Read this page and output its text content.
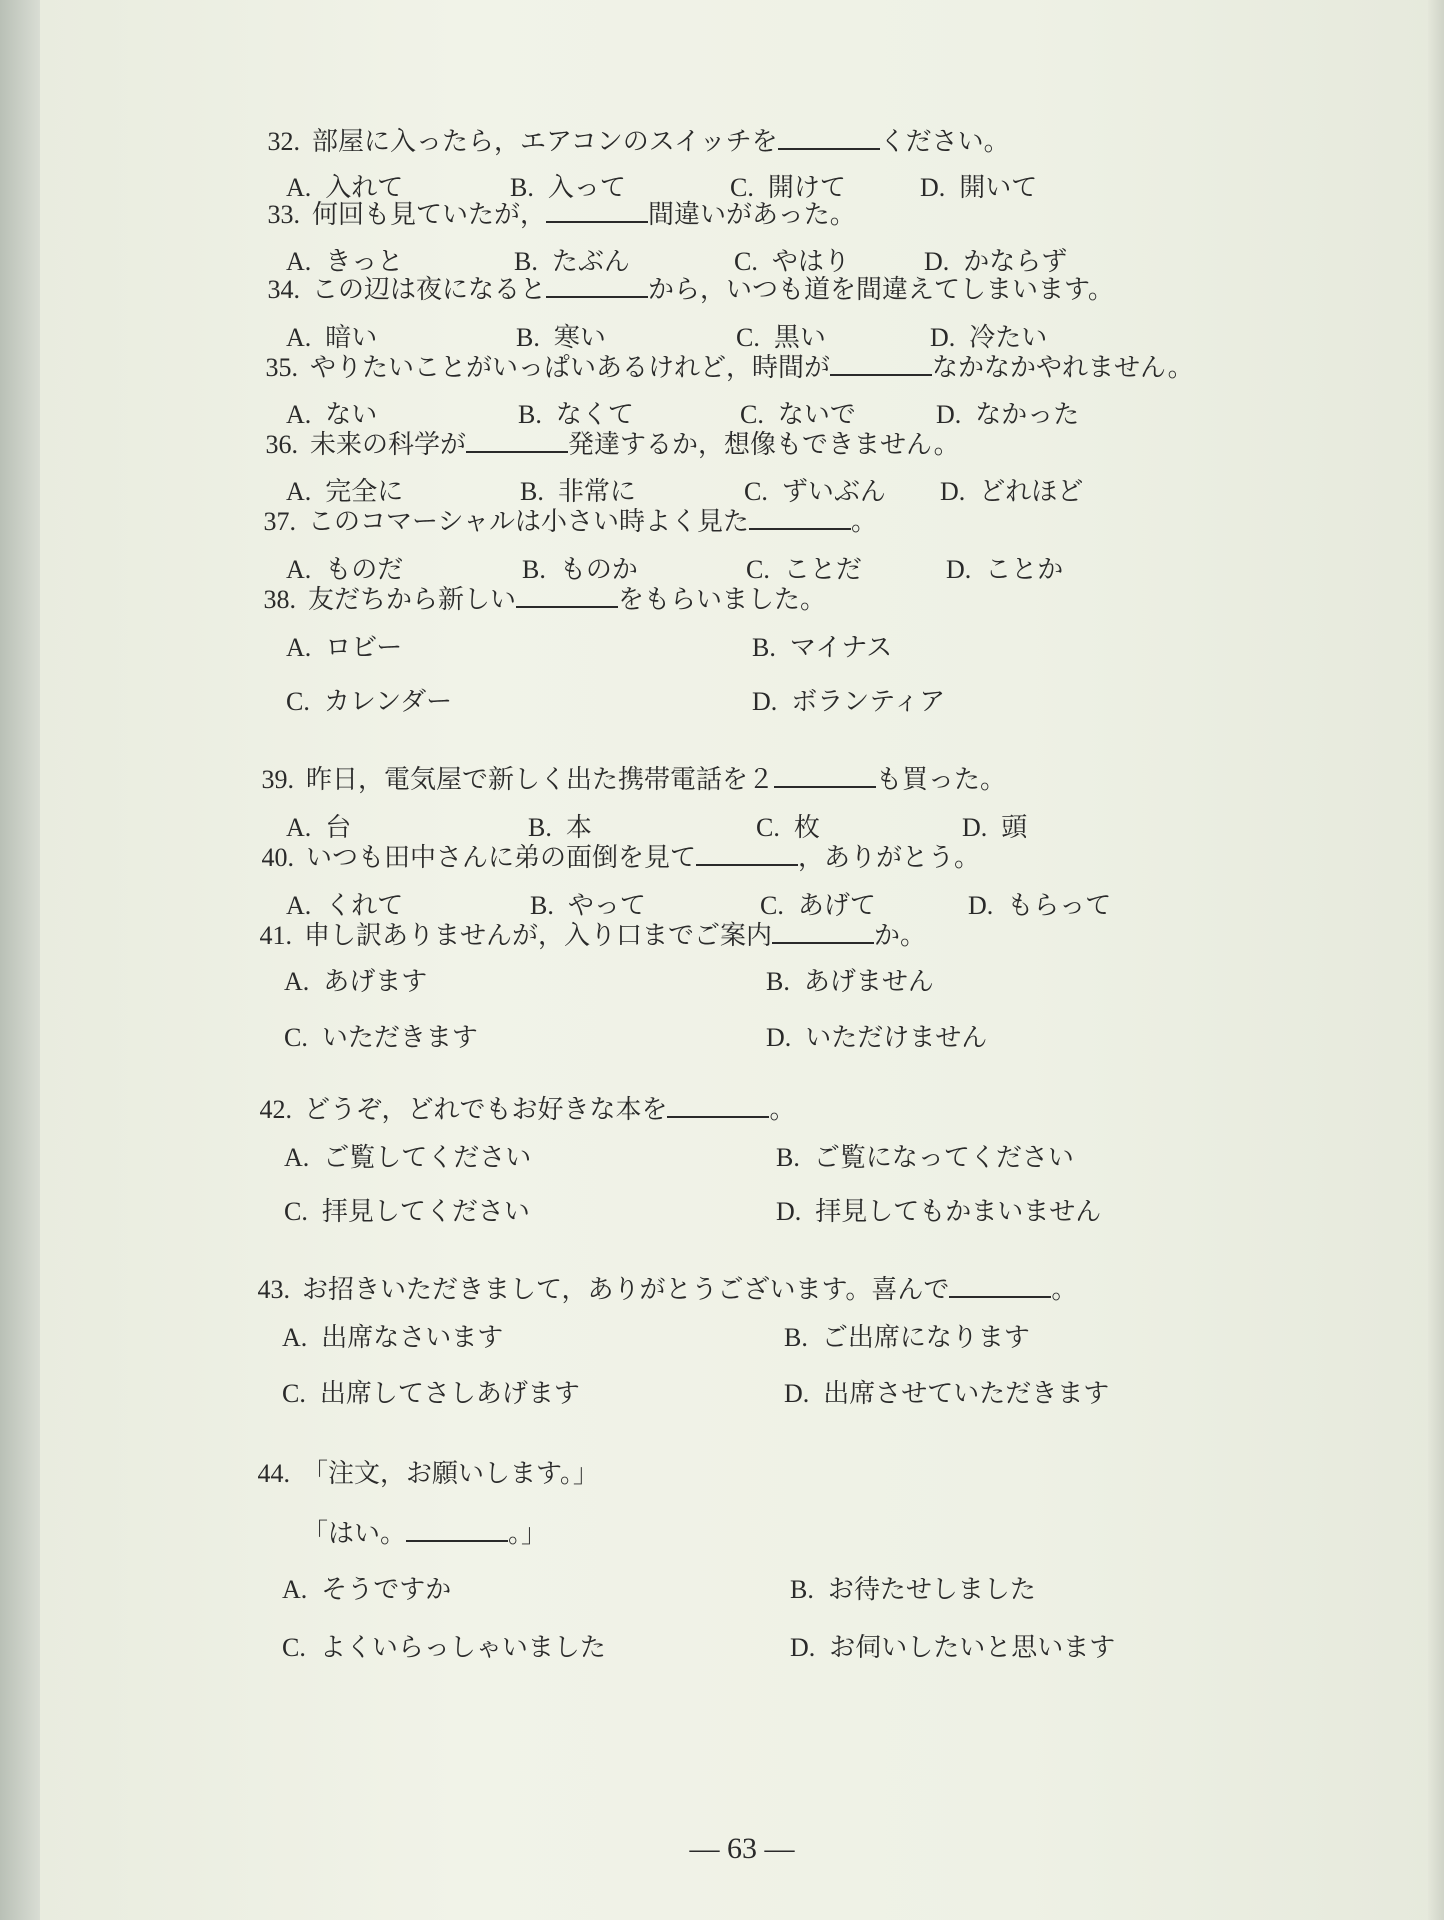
32. 部屋に入ったら，エアコンのスイッチを	ください。
A. 入れて	B. 入って	C. 開けて	D. 開いて
33. 何回も見ていたが，	間違いがあった。
A. きっと	B. たぶん	C. やはり	D. かならず
34. この辺は夜になると	から，いつも道を間違えてしまいます。
A. 暗い	B. 寒い	C. 黒い	D. 冷たい
35. やりたいことがいっぱいあるけれど，時間が	なかなかやれません。
A. ない	B. なくて	C. ないで	D. なかった
36. 未来の科学が	発達するか，想像もできません。
A. 完全に	B. 非常に	C. ずいぶん D. どれほど
37. このコマーシャルは小さい時よく見た	。
A. ものだ	B. ものか	C. ことだ	D. ことか
38. 友だちから新しい	をもらいました。
A. ロビー	B. マイナス
C. カレンダー	D. ボランティア
39. 昨日，電気屋で新しく出た携帯電話を２	も買った。
A. 台	B. 本	C. 枚	D. 頭
40. いつも田中さんに弟の面倒を見て	，ありがとう。
A. くれて	B. やって	C. あげて	D. もらって
41. 申し訳ありませんが，入り口までご案内	か。
A. あげます	B. あげません
C. いただきます	D. いただけません
42. どうぞ，どれでもお好きな本を	。
A. ご覧してください	B. ご覧になってください
C. 拝見してください	D. 拝見してもかまいません
43. お招きいただきまして，ありがとうございます。喜んで	。
A. 出席なさいます	B. ご出席になります
C. 出席してさしあげます	D. 出席させていただきます
44. 「注文，お願いします。」
「はい。	。」
A. そうですか	B. お待たせしました
C. よくいらっしゃいました	D. お伺いしたいと思います
— 63 —
